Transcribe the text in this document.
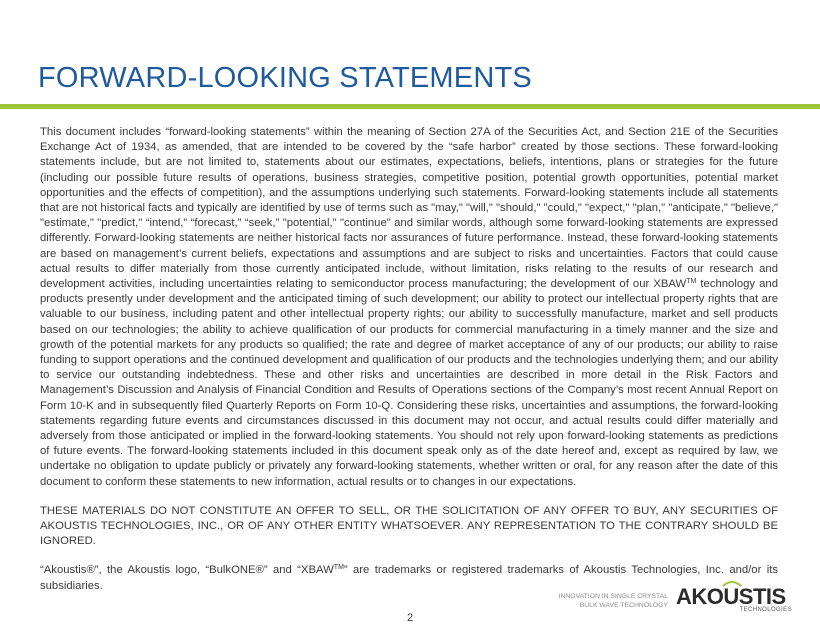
FORWARD-LOOKING STATEMENTS

This document includes “forward-looking statements” within the meaning of Section 27A of the Securities Act, and Section 21E of the Securities Exchange Act of 1934, as amended, that are intended to be covered by the “safe harbor” created by those sections. These forward-looking statements include, but are not limited to, statements about our estimates, expectations, beliefs, intentions, plans or strategies for the future (including our possible future results of operations, business strategies, competitive position, potential growth opportunities, potential market opportunities and the effects of competition), and the assumptions underlying such statements. Forward-looking statements include all statements that are not historical facts and typically are identified by use of terms such as "may," "will," "should," "could," "expect," "plan," "anticipate," "believe," "estimate," "predict," “intend,” “forecast,” “seek,” "potential," "continue" and similar words, although some forward-looking statements are expressed differently. Forward-looking statements are neither historical facts nor assurances of future performance. Instead, these forward-looking statements are based on management’s current beliefs, expectations and assumptions and are subject to risks and uncertainties. Factors that could cause actual results to differ materially from those currently anticipated include, without limitation, risks relating to the results of our research and development activities, including uncertainties relating to semiconductor process manufacturing; the development of our XBAW™ technology and products presently under development and the anticipated timing of such development; our ability to protect our intellectual property rights that are valuable to our business, including patent and other intellectual property rights; our ability to successfully manufacture, market and sell products based on our technologies; the ability to achieve qualification of our products for commercial manufacturing in a timely manner and the size and growth of the potential markets for any products so qualified; the rate and degree of market acceptance of any of our products; our ability to raise funding to support operations and the continued development and qualification of our products and the technologies underlying them; and our ability to service our outstanding indebtedness. These and other risks and uncertainties are described in more detail in the Risk Factors and Management’s Discussion and Analysis of Financial Condition and Results of Operations sections of the Company’s most recent Annual Report on Form 10-K and in subsequently filed Quarterly Reports on Form 10-Q. Considering these risks, uncertainties and assumptions, the forward-looking statements regarding future events and circumstances discussed in this document may not occur, and actual results could differ materially and adversely from those anticipated or implied in the forward-looking statements. You should not rely upon forward-looking statements as predictions of future events. The forward-looking statements included in this document speak only as of the date hereof and, except as required by law, we undertake no obligation to update publicly or privately any forward-looking statements, whether written or oral, for any reason after the date of this document to conform these statements to new information, actual results or to changes in our expectations.

THESE MATERIALS DO NOT CONSTITUTE AN OFFER TO SELL, OR THE SOLICITATION OF ANY OFFER TO BUY, ANY SECURITIES OF AKOUSTIS TECHNOLOGIES, INC., OR OF ANY OTHER ENTITY WHATSOEVER. ANY REPRESENTATION TO THE CONTRARY SHOULD BE IGNORED.

“Akoustis®”, the Akoustis logo, “BulkONE®” and “XBAW™” are trademarks or registered trademarks of Akoustis Technologies, Inc. and/or its subsidiaries.

INNOVATION IN SINGLE CRYSTAL
BULK WAVE TECHNOLOGY AKOUSTIS
TECHNOLOGIES
2
